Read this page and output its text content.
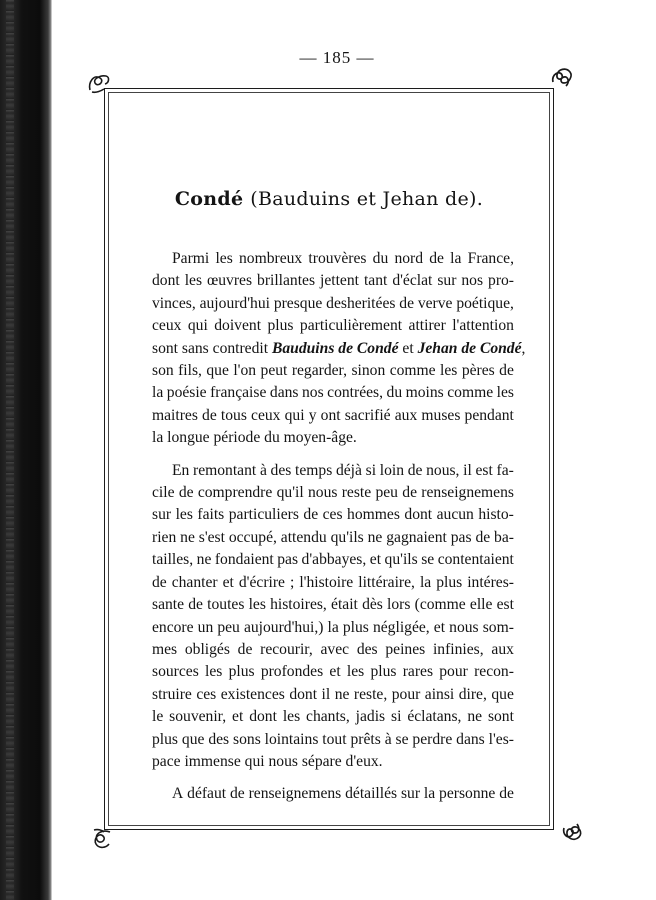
— 185 —
Condé (Bauduins et Jehan de).
Parmi les nombreux trouvères du nord de la France,
dont les œuvres brillantes jettent tant d'éclat sur nos pro-
vinces, aujourd'hui presque desheritées de verve poétique,
ceux qui doivent plus particulièrement attirer l'attention
sont sans contredit Bauduins de Condé et Jehan de Condé,
son fils, que l'on peut regarder, sinon comme les pères de
la poésie française dans nos contrées, du moins comme les
maitres de tous ceux qui y ont sacrifié aux muses pendant
la longue période du moyen-âge.
En remontant à des temps déjà si loin de nous, il est fa-
cile de comprendre qu'il nous reste peu de renseignemens
sur les faits particuliers de ces hommes dont aucun histo-
rien ne s'est occupé, attendu qu'ils ne gagnaient pas de ba-
tailles, ne fondaient pas d'abbayes, et qu'ils se contentaient
de chanter et d'écrire ; l'histoire littéraire, la plus intéres-
sante de toutes les histoires, était dès lors (comme elle est
encore un peu aujourd'hui,) la plus négligée, et nous som-
mes obligés de recourir, avec des peines infinies, aux
sources les plus profondes et les plus rares pour recon-
struire ces existences dont il ne reste, pour ainsi dire, que
le souvenir, et dont les chants, jadis si éclatans, ne sont
plus que des sons lointains tout prêts à se perdre dans l'es-
pace immense qui nous sépare d'eux.
A défaut de renseignemens détaillés sur la personne de
